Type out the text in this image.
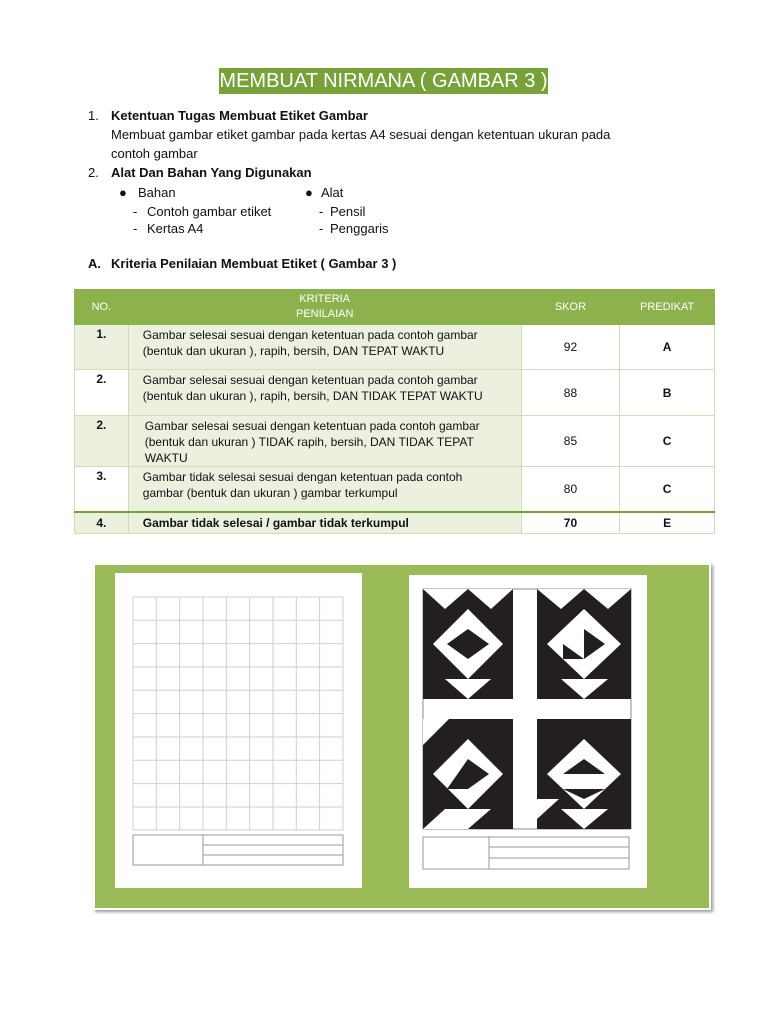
MEMBUAT NIRMANA ( GAMBAR 3 )
1. Ketentuan Tugas Membuat Etiket Gambar
Membuat gambar etiket gambar pada kertas A4 sesuai dengan ketentuan ukuran pada
contoh gambar
2. Alat Dan Bahan Yang Digunakan
● Bahan
- Contoh gambar etiket
- Kertas A4
● Alat
- Pensil
- Penggaris
A. Kriteria Penilaian Membuat Etiket ( Gambar 3 )
NO.	KRITERIA
PENILAIAN	SKOR	PREDIKAT
1.	Gambar selesai sesuai dengan ketentuan pada contoh gambar
(bentuk dan ukuran ), rapih, bersih, DAN TEPAT WAKTU	92	A
2.	Gambar selesai sesuai dengan ketentuan pada contoh gambar
(bentuk dan ukuran ), rapih, bersih, DAN TIDAK TEPAT WAKTU	88	B
2.	Gambar selesai sesuai dengan ketentuan pada contoh gambar
(bentuk dan ukuran ) TIDAK rapih, bersih, DAN TIDAK TEPAT
WAKTU	85	C
3.	Gambar tidak selesai sesuai dengan ketentuan pada contoh
gambar (bentuk dan ukuran ) gambar terkumpul	80	C
4.	Gambar tidak selesai / gambar tidak terkumpul	70	E
